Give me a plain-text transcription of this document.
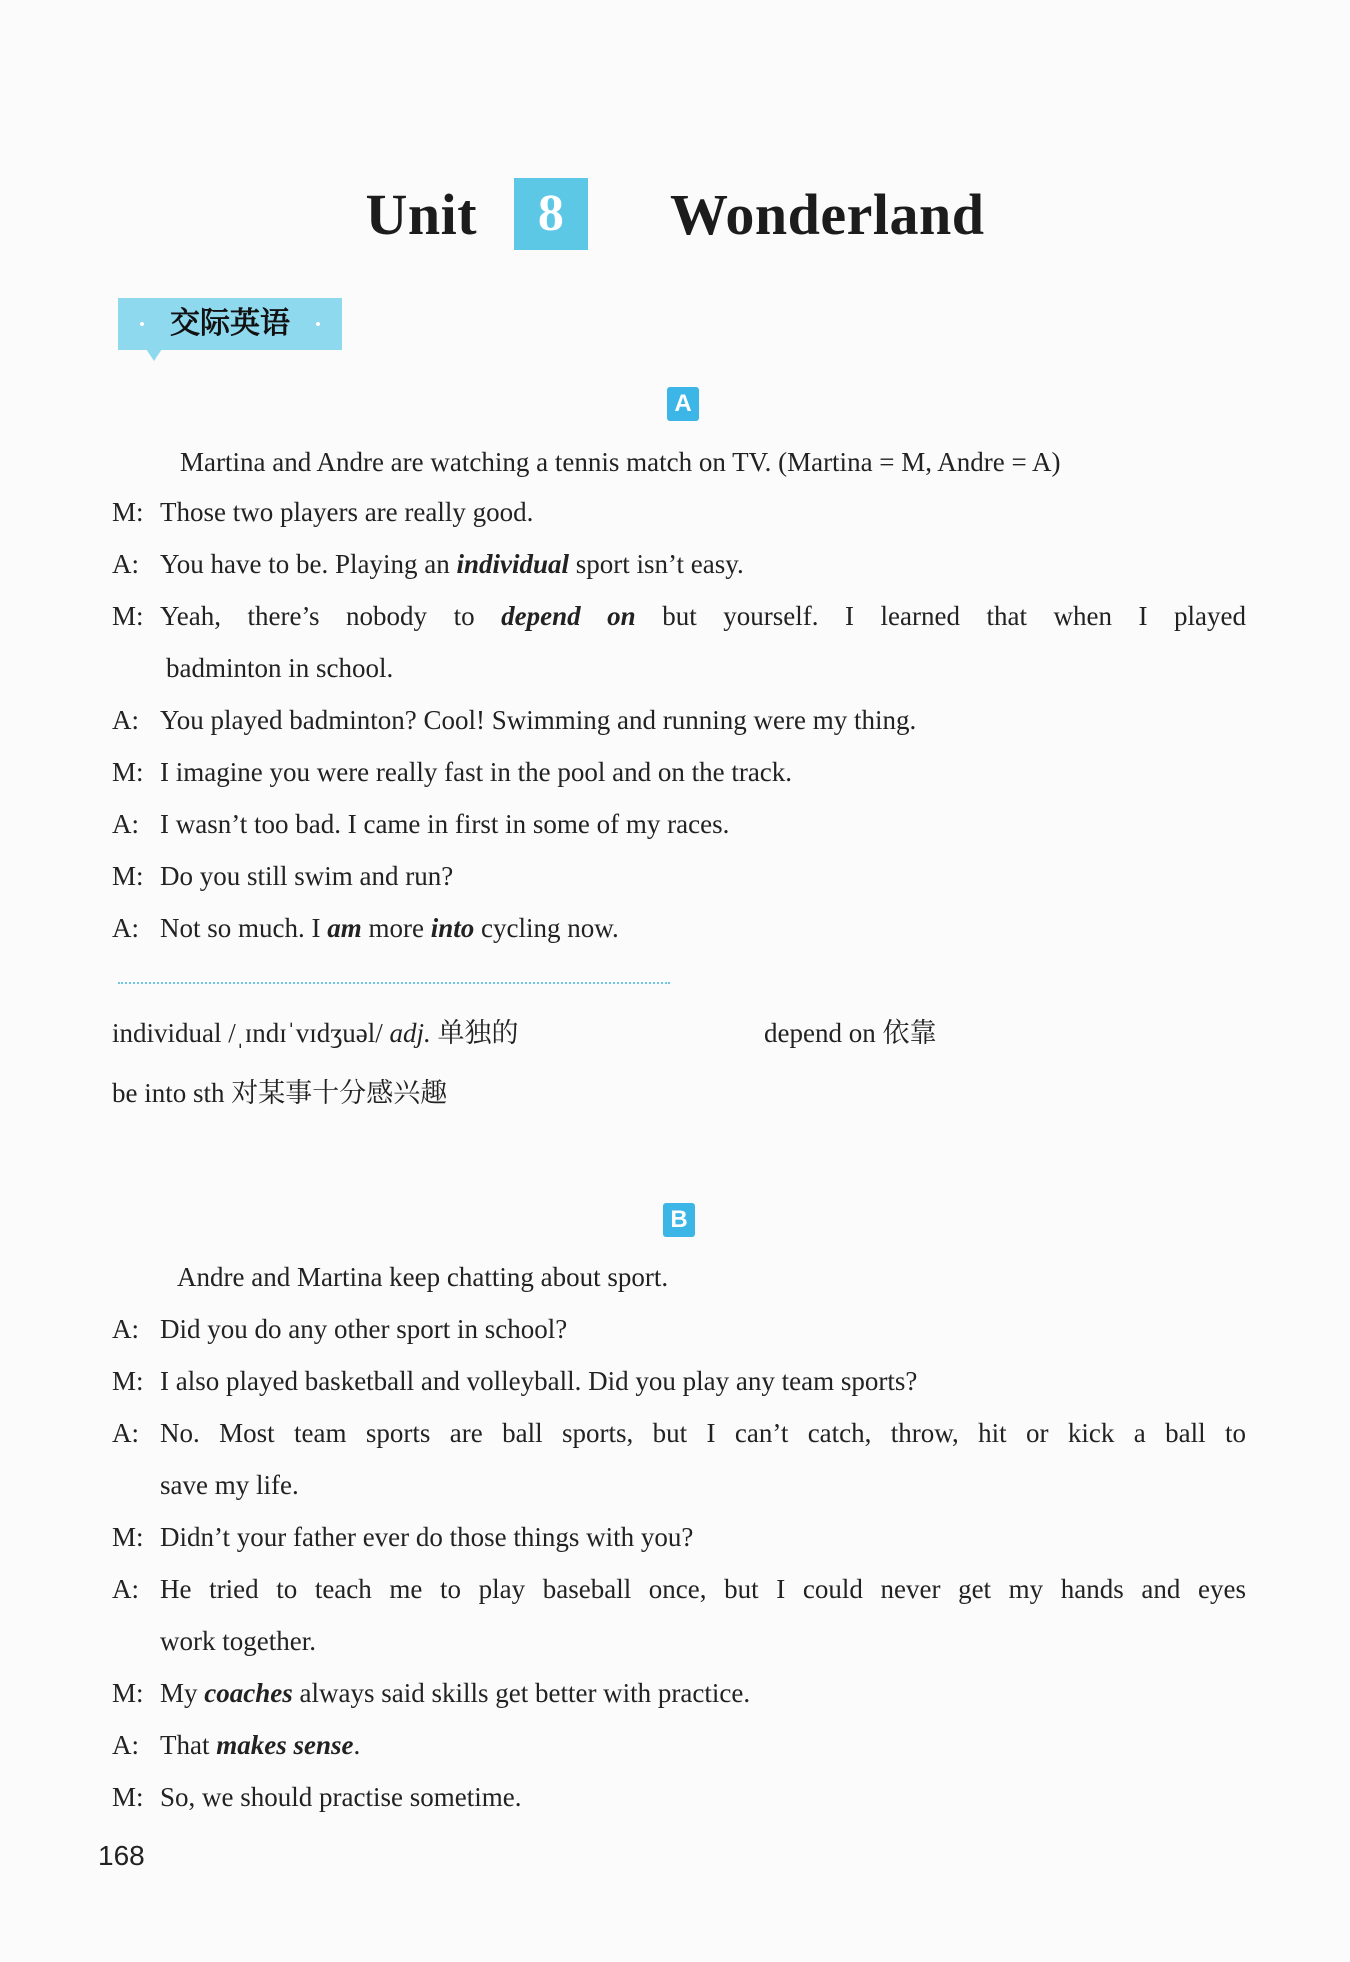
Unit 8 Wonderland
交际英语
A
Martina and Andre are watching a tennis match on TV. (Martina = M, Andre = A)
M: Those two players are really good.
A: You have to be. Playing an individual sport isn’t easy.
M: Yeah, there’s nobody to depend on but yourself. I learned that when I played
badminton in school.
A: You played badminton? Cool! Swimming and running were my thing.
M: I imagine you were really fast in the pool and on the track.
A: I wasn’t too bad. I came in first in some of my races.
M: Do you still swim and run?
A: Not so much. I am more into cycling now.
individual /ˌɪndɪˈvɪdʒuəl/ adj. 单独的	depend on 依靠
be into sth 对某事十分感兴趣
B
Andre and Martina keep chatting about sport.
A: Did you do any other sport in school?
M: I also played basketball and volleyball. Did you play any team sports?
A: No. Most team sports are ball sports, but I can’t catch, throw, hit or kick a ball to
save my life.
M: Didn’t your father ever do those things with you?
A: He tried to teach me to play baseball once, but I could never get my hands and eyes
work together.
M: My coaches always said skills get better with practice.
A: That makes sense.
M: So, we should practise sometime.
168
